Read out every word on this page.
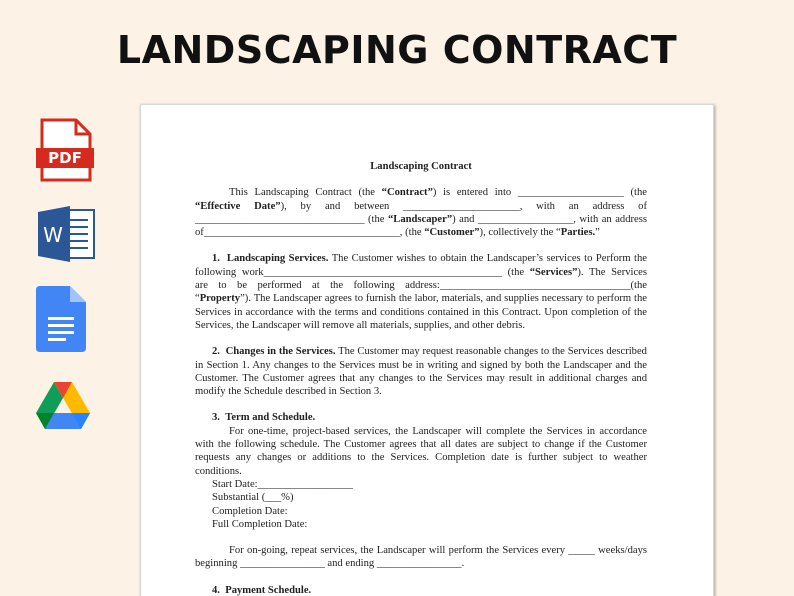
LANDSCAPING CONTRACT
PDF
W
Landscaping Contract
This Landscaping Contract (the “Contract”) is entered into ____________________ (the “Effective Date”), by and between ______________________, with an address of ________________________________ (the “Landscaper”) and __________________, with an address of_____________________________________, (the “Customer”), collectively the “Parties.”
1.  Landscaping Services. The Customer wishes to obtain the Landscaper’s services to Perform the following work_____________________________________________ (the “Services”). The Services are to be performed at the following address:____________________________________(the “Property”). The Landscaper agrees to furnish the labor, materials, and supplies necessary to perform the Services in accordance with the terms and conditions contained in this Contract. Upon completion of the Services, the Landscaper will remove all materials, supplies, and other debris.
2.  Changes in the Services. The Customer may request reasonable changes to the Services described in Section 1. Any changes to the Services must be in writing and signed by both the Landscaper and the Customer. The Customer agrees that any changes to the Services may result in additional charges and modify the Schedule described in Section 3.
3.  Term and Schedule.
For one-time, project-based services, the Landscaper will complete the Services in accordance with the following schedule. The Customer agrees that all dates are subject to change if the Customer requests any changes or additions to the Services. Completion date is further subject to weather conditions.
Start Date:__________________
Substantial (___%)
Completion Date:
Full Completion Date:
For on-going, repeat services, the Landscaper will perform the Services every _____ weeks/days beginning ________________ and ending ________________.
4.  Payment Schedule.
